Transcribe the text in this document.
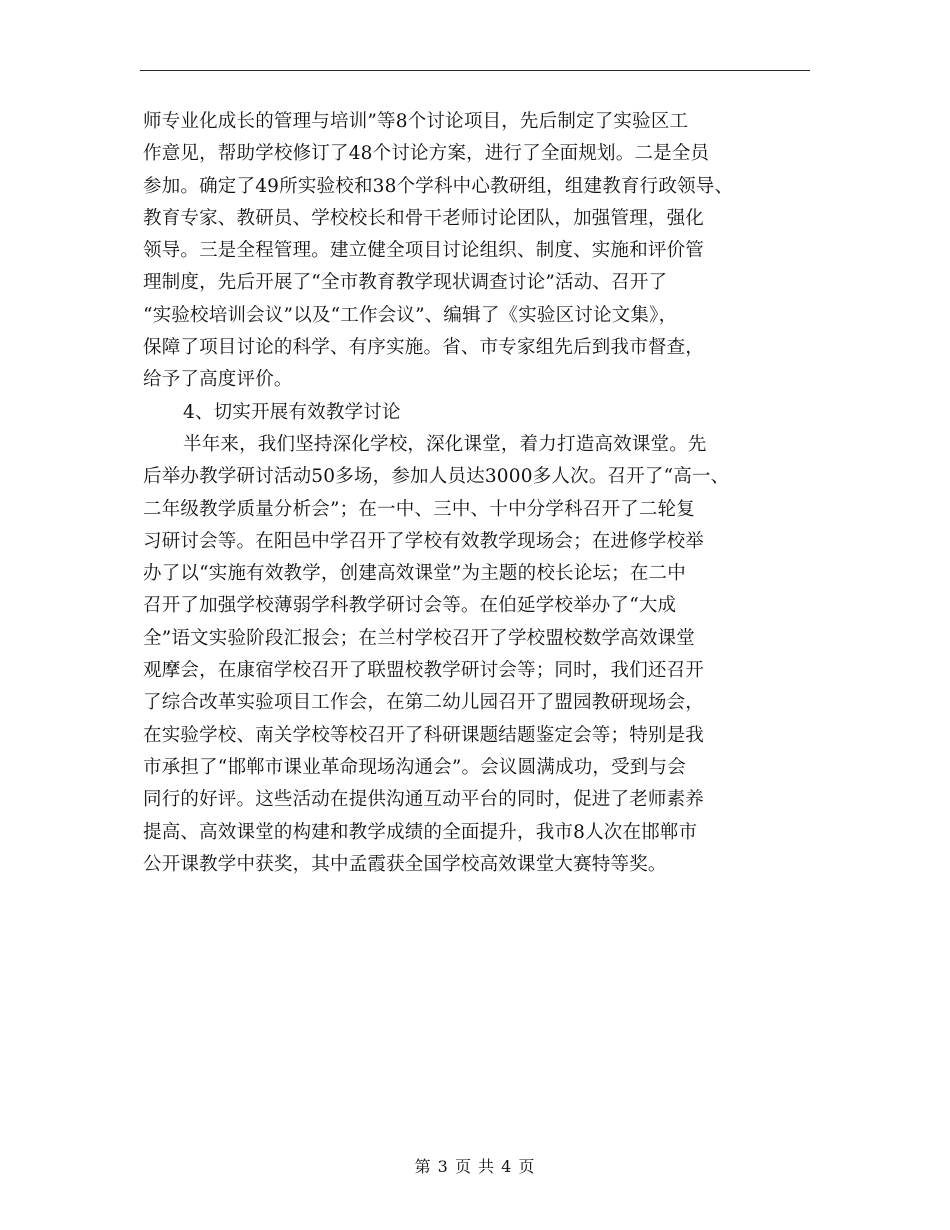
师专业化成长的管理与培训”等8个讨论项目，先后制定了实验区工
作意见，帮助学校修订了48个讨论方案，进行了全面规划。二是全员
参加。确定了49所实验校和38个学科中心教研组，组建教育行政领导、
教育专家、教研员、学校校长和骨干老师讨论团队，加强管理，强化
领导。三是全程管理。建立健全项目讨论组织、制度、实施和评价管
理制度，先后开展了“全市教育教学现状调查讨论”活动、召开了
“实验校培训会议”以及“工作会议”、编辑了《实验区讨论文集》，
保障了项目讨论的科学、有序实施。省、市专家组先后到我市督查，
给予了高度评价。
4、切实开展有效教学讨论
半年来，我们坚持深化学校，深化课堂，着力打造高效课堂。先
后举办教学研讨活动50多场，参加人员达3000多人次。召开了“高一、
二年级教学质量分析会”；在一中、三中、十中分学科召开了二轮复
习研讨会等。在阳邑中学召开了学校有效教学现场会；在进修学校举
办了以“实施有效教学，创建高效课堂”为主题的校长论坛；在二中
召开了加强学校薄弱学科教学研讨会等。在伯延学校举办了“大成
全”语文实验阶段汇报会；在兰村学校召开了学校盟校数学高效课堂
观摩会，在康宿学校召开了联盟校教学研讨会等；同时，我们还召开
了综合改革实验项目工作会，在第二幼儿园召开了盟园教研现场会，
在实验学校、南关学校等校召开了科研课题结题鉴定会等；特别是我
市承担了“邯郸市课业革命现场沟通会”。会议圆满成功，受到与会
同行的好评。这些活动在提供沟通互动平台的同时，促进了老师素养
提高、高效课堂的构建和教学成绩的全面提升，我市8人次在邯郸市
公开课教学中获奖，其中孟霞获全国学校高效课堂大赛特等奖。
第 3 页 共 4 页
